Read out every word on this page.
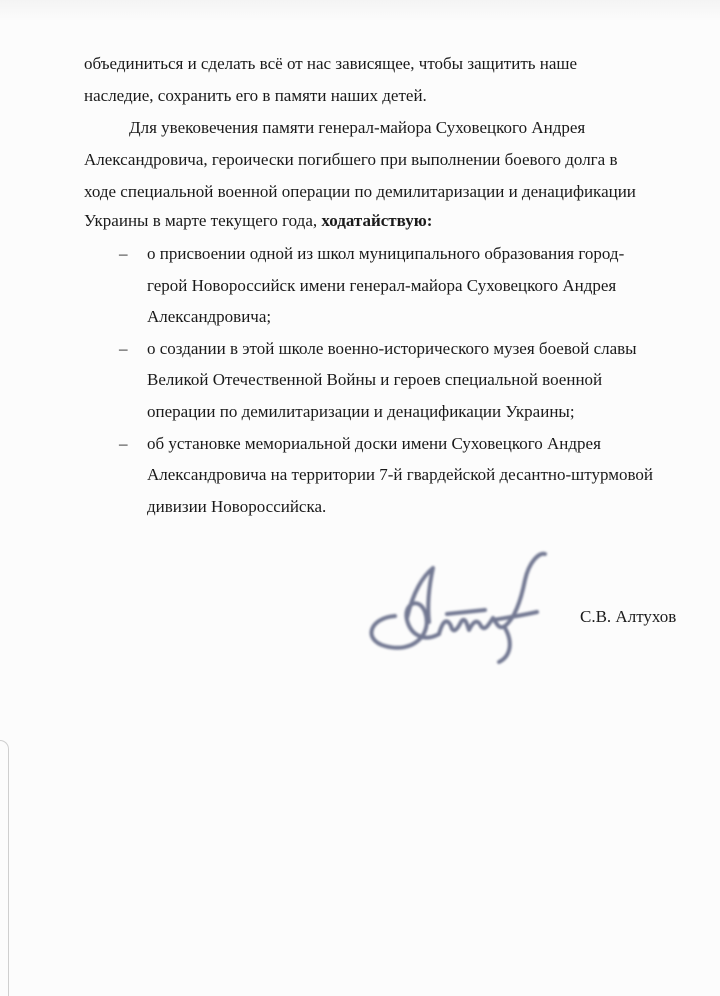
объединиться и сделать всё от нас зависящее, чтобы защитить наше
наследие, сохранить его в памяти наших детей.
Для увековечения памяти генерал-майора Суховецкого Андрея
Александровича, героически погибшего при выполнении боевого долга в
ходе специальной военной операции по демилитаризации и денацификации
Украины в марте текущего года, ходатайствую:
–	о присвоении одной из школ муниципального образования город-
герой Новороссийск имени генерал-майора Суховецкого Андрея
Александровича;
–	о создании в этой школе военно-исторического музея боевой славы
Великой Отечественной Войны и героев специальной военной
операции по демилитаризации и денацификации Украины;
–	об установке мемориальной доски имени Суховецкого Андрея
Александровича на территории 7-й гвардейской десантно-штурмовой
дивизии Новороссийска.
С.В. Алтухов
